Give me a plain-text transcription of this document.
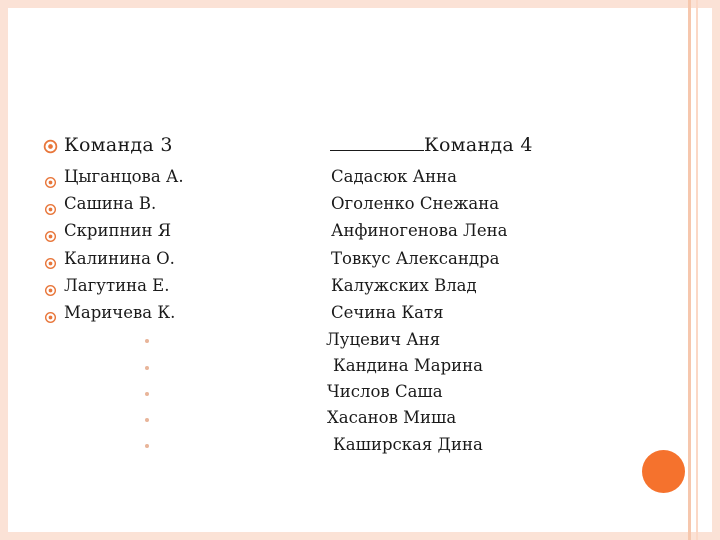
Команда 3	Команда 4
Цыганцова А.
Сашина В.
Скрипнин Я
Калинина О.
Лагутина Е.
Маричева К.
Садасюк Анна
Оголенко Снежана
Анфиногенова Лена
Товкус Александра
Калужских Влад
Сечина Катя
Луцевич Аня
Кандина Марина
Числов Саша
Хасанов Миша
Каширская Дина
